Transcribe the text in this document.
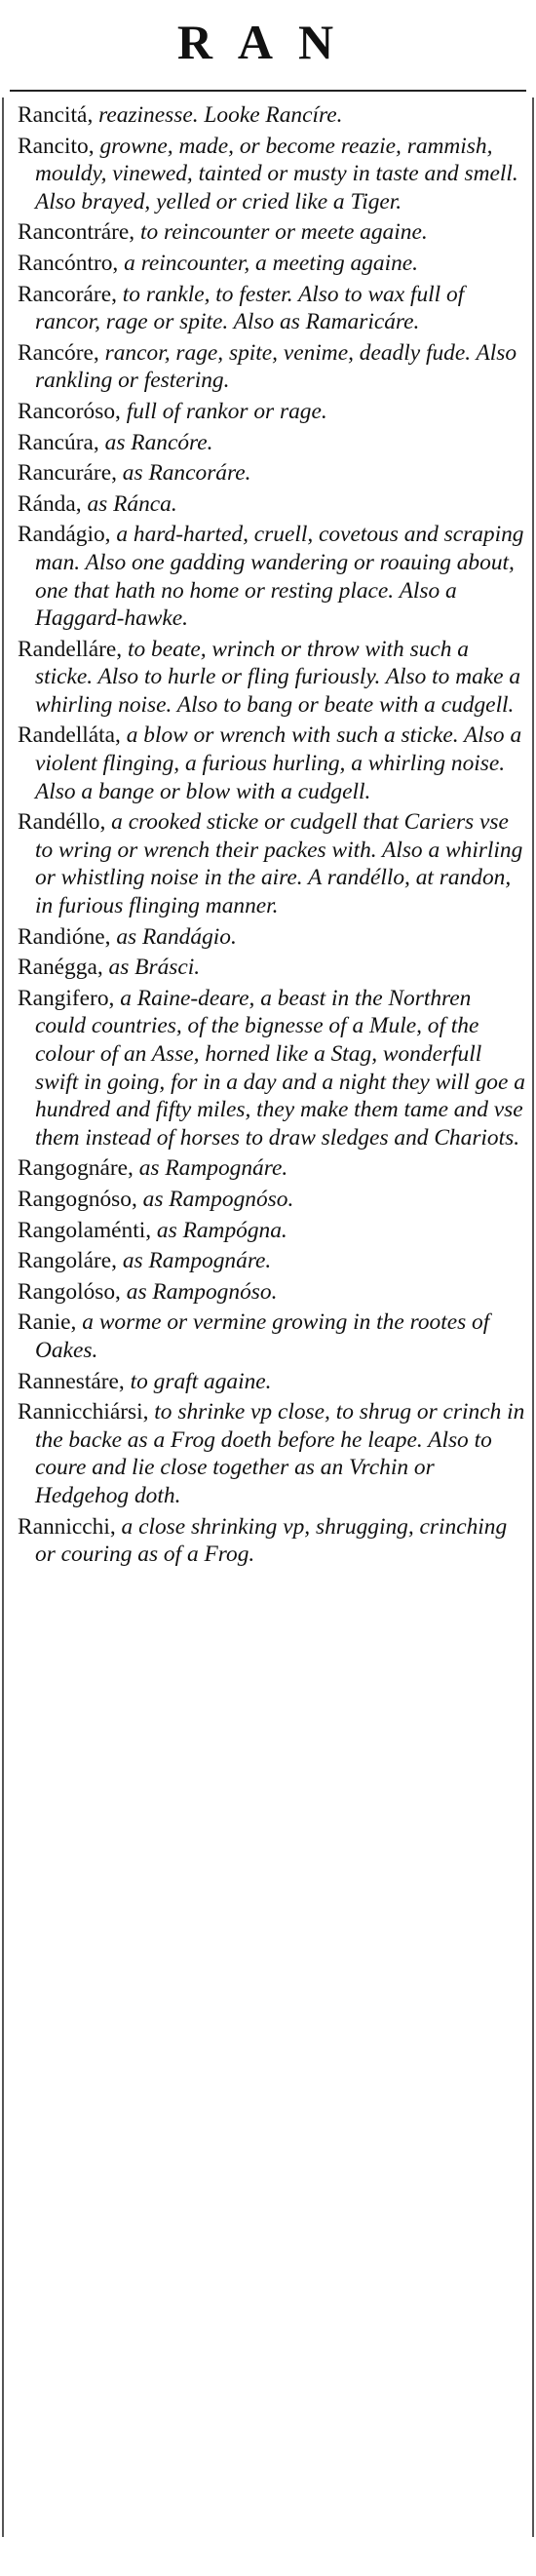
RAN

Rancitá, reazinesse. Looke Rancíre.

Rancito, growne, made, or become reazie, rammish, mouldy, vinewed, tainted or musty in taste and smell. Also brayed, yelled or cried like a Tiger.

Rancontráre, to reincounter or meete againe.

Rancóntro, a reincounter, a meeting againe.

Rancoráre, to rankle, to fester. Also to wax full of rancor, rage or spite. Also as Ramaricáre.

Rancóre, rancor, rage, spite, venime, deadly fude. Also rankling or festering.

Rancoróso, full of rankor or rage.

Rancúra, as Rancóre.

Rancuráre, as Rancoráre.

Ránda, as Ránca.

Randágio, a hard-harted, cruell, covetous and scraping man. Also one gadding wandering or roauing about, one that hath no home or resting place. Also a Haggard-hawke.

Randelláre, to beate, wrinch or throw with such a sticke. Also to hurle or fling furiously. Also to make a whirling noise. Also to bang or beate with a cudgell.

Randelláta, a blow or wrench with such a sticke. Also a violent flinging, a furious hurling, a whirling noise. Also a bange or blow with a cudgell.

Randéllo, a crooked sticke or cudgell that Cariers vse to wring or wrench their packes with. Also a whirling or whistling noise in the aire. A randéllo, at randon, in furious flinging manner.

Randióne, as Randágio.

Ranégga, as Brásci.

Rangifero, a Raine-deare, a beast in the Northren could countries, of the bignesse of a Mule, of the colour of an Asse, horned like a Stag, wonderfull swift in going, for in a day and a night they will goe a hundred and fifty miles, they make them tame and vse them instead of horses to draw sledges and Chariots.

Rangognáre, as Rampognáre.

Rangognóso, as Rampognóso.

Rangolaménti, as Rampógna.

Rangoláre, as Rampognáre.

Rangolóso, as Rampognóso.

Ranie, a worme or vermine growing in the rootes of Oakes.

Rannestáre, to graft againe.

Rannicchiársi, to shrinke vp close, to shrug or crinch in the backe as a Frog doeth before he leape. Also to coure and lie close together as an Vrchin or Hedgehog doth.

Rannicchi, a close shrinking vp, shrugging, crinching or couring as of a Frog.
